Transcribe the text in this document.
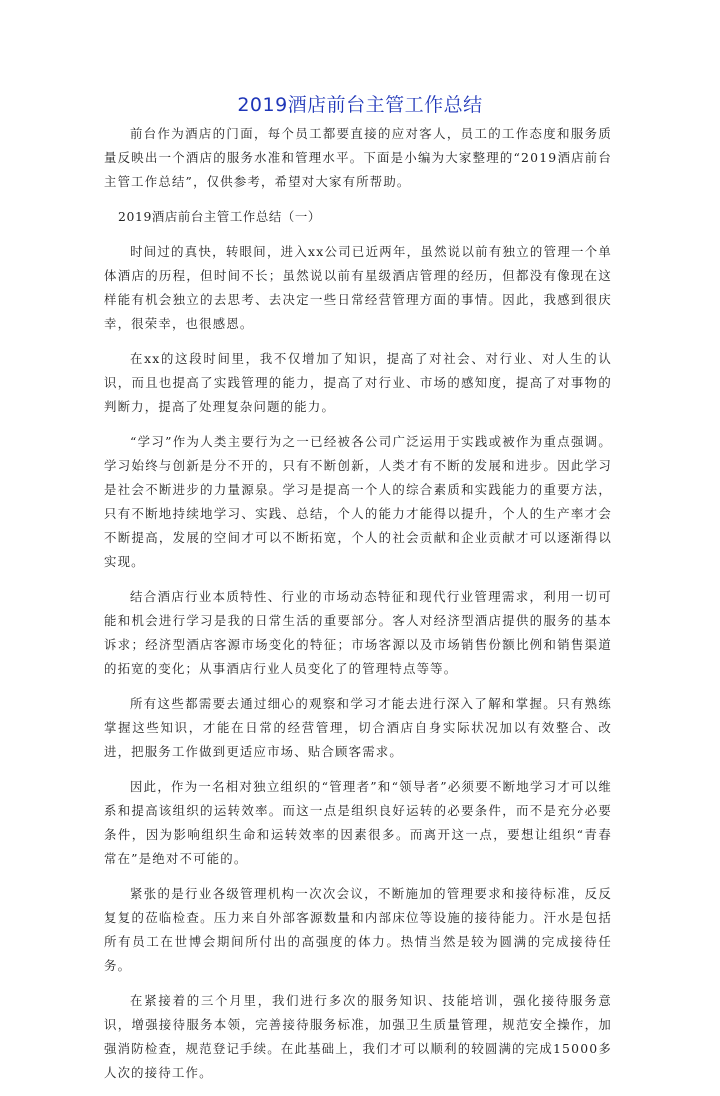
2019酒店前台主管工作总结

前台作为酒店的门面，每个员工都要直接的应对客人，员工的工作态度和服务质量反映出一个酒店的服务水准和管理水平。下面是小编为大家整理的“2019酒店前台主管工作总结”，仅供参考，希望对大家有所帮助。

2019酒店前台主管工作总结（一）

时间过的真快，转眼间，进入xx公司已近两年，虽然说以前有独立的管理一个单体酒店的历程，但时间不长；虽然说以前有星级酒店管理的经历，但都没有像现在这样能有机会独立的去思考、去决定一些日常经营管理方面的事情。因此，我感到很庆幸，很荣幸，也很感恩。

在xx的这段时间里，我不仅增加了知识，提高了对社会、对行业、对人生的认识，而且也提高了实践管理的能力，提高了对行业、市场的感知度，提高了对事物的判断力，提高了处理复杂问题的能力。

“学习”作为人类主要行为之一已经被各公司广泛运用于实践或被作为重点强调。学习始终与创新是分不开的，只有不断创新，人类才有不断的发展和进步。因此学习是社会不断进步的力量源泉。学习是提高一个人的综合素质和实践能力的重要方法，只有不断地持续地学习、实践、总结，个人的能力才能得以提升，个人的生产率才会不断提高，发展的空间才可以不断拓宽，个人的社会贡献和企业贡献才可以逐渐得以实现。

结合酒店行业本质特性、行业的市场动态特征和现代行业管理需求，利用一切可能和机会进行学习是我的日常生活的重要部分。客人对经济型酒店提供的服务的基本诉求；经济型酒店客源市场变化的特征；市场客源以及市场销售份额比例和销售渠道的拓宽的变化；从事酒店行业人员变化了的管理特点等等。

所有这些都需要去通过细心的观察和学习才能去进行深入了解和掌握。只有熟练掌握这些知识，才能在日常的经营管理，切合酒店自身实际状况加以有效整合、改进，把服务工作做到更适应市场、贴合顾客需求。

因此，作为一名相对独立组织的“管理者”和“领导者”必须要不断地学习才可以维系和提高该组织的运转效率。而这一点是组织良好运转的必要条件，而不是充分必要条件，因为影响组织生命和运转效率的因素很多。而离开这一点，要想让组织“青春常在”是绝对不可能的。

紧张的是行业各级管理机构一次次会议，不断施加的管理要求和接待标准，反反复复的莅临检查。压力来自外部客源数量和内部床位等设施的接待能力。汗水是包括所有员工在世博会期间所付出的高强度的体力。热情当然是较为圆满的完成接待任务。

在紧接着的三个月里，我们进行多次的服务知识、技能培训，强化接待服务意识，增强接待服务本领，完善接待服务标准，加强卫生质量管理，规范安全操作，加强消防检查，规范登记手续。在此基础上，我们才可以顺利的较圆满的完成15000多人次的接待工作。
